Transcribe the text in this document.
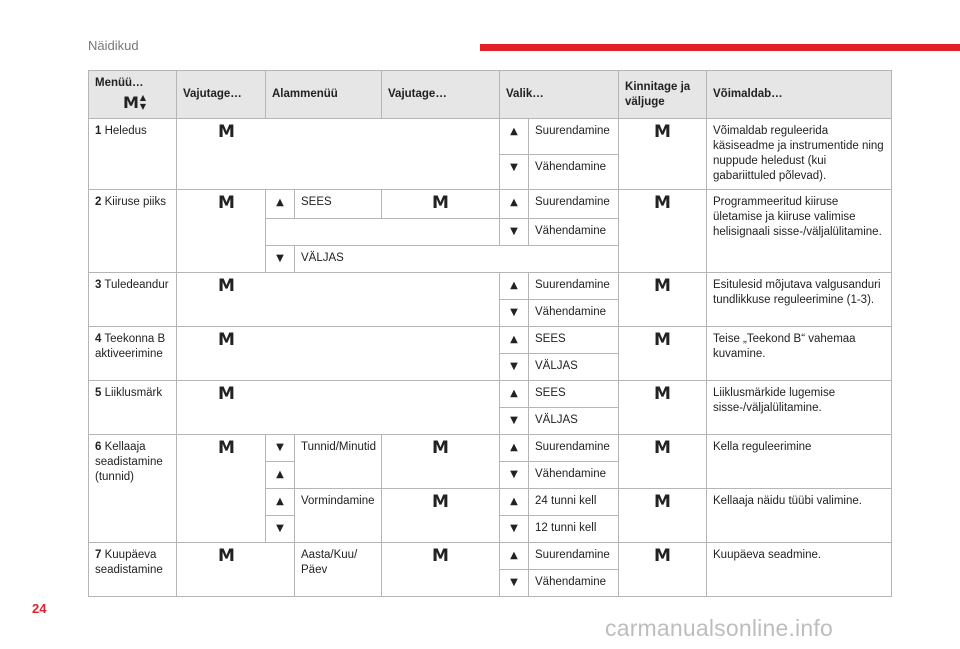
Näidikud
Menüü…
M ▲
▼	Vajutage…	Alammenüü		Vajutage…	Valik…		Kinnitage ja väljuge	Võimaldab…
1 Heledus	M				▲	Suurendamine	M	Võimaldab reguleerida käsiseadme ja instrumentide ning nuppude heledust (kui gabariittuled põlevad).
					▼	Vähendamine		
2 Kiiruse piiks	M	▲	SEES	M	▲	Suurendamine	M	Programmeeritud kiiruse ületamise ja kiiruse valimise helisignaali sisse-/väljalülitamine.
					▼	Vähendamine		
		▼	VÄLJAS					
3 Tuledeandur	M				▲	Suurendamine	M	Esitulesid mõjutava valgusanduri tundlikkuse reguleerimine (1-3).
					▼	Vähendamine		
4 Teekonna B aktiveerimine	M				▲	SEES	M	Teise „Teekond B“ vahemaa kuvamine.
					▼	VÄLJAS		
5 Liiklusmärk	M				▲	SEES	M	Liiklusmärkide lugemise sisse-/väljalülitamine.
					▼	VÄLJAS		
6 Kellaaja seadistamine (tunnid)	M	▼	Tunnid/Minutid	M	▲	Suurendamine	M	Kella reguleerimine
		▲			▼	Vähendamine		
		▲	Vormindamine	M	▲	24 tunni kell	M	Kellaaja näidu tüübi valimine.
		▼			▼	12 tunni kell		
7 Kuupäeva seadistamine	M		Aasta/Kuu/ Päev	M	▲	Suurendamine	M	Kuupäeva seadmine.
					▼	Vähendamine		
24
carmanualsonline.info
